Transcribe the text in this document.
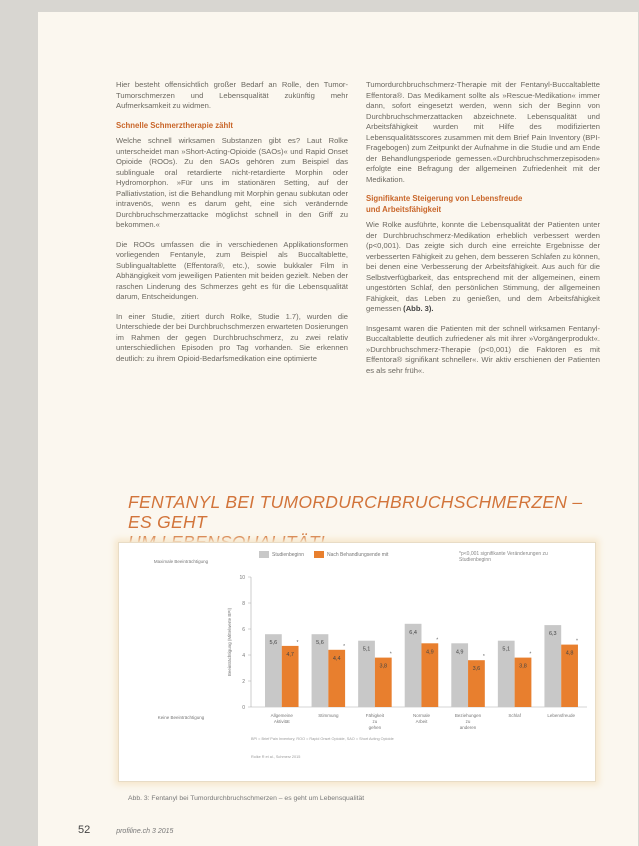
Hier besteht offensichtlich großer Bedarf an Rolle, den Tumor-Tumorschmerzen und Lebensqualität zukünftig mehr Aufmerksamkeit zu widmen.

Schnelle Schmerztherapie zählt

Welche schnell wirksamen Substanzen gibt es? Laut Rolke unterscheidet man »Short-Acting-Opioide (SAOs)« und Rapid Onset Opioide (ROOs). Zu den SAOs gehören zum Beispiel das sublinguale oral retardierte nicht-retardierte Morphin oder Hydromorphon. »Für uns im stationären Setting, auf der Palliativstation, ist die Behandlung mit Morphin genau subkutan oder intravenös, wenn es darum geht, eine sich verändernde Durchbruchschmerzattacke möglichst schnell in den Griff zu bekommen.«

Die ROOs umfassen die in verschiedenen Applikationsformen vorliegenden Fentanyle, zum Beispiel als Buccaltablette, Sublingualtablette (Effentora®, etc.), sowie bukkaler Film in Abhängigkeit vom jeweiligen Patienten mit beiden gezielt. Neben der raschen Linderung des Schmerzes geht es für die Lebensqualität darum, Entscheidungen.

In einer Studie, zitiert durch Rolke, Studie 1.7), wurden die Unterschiede der bei Durchbruchschmerzen erwarteten Dosierungen im Rahmen der gegen Durchbruchschmerz, zu zwei relativ unterschiedlichen Episoden pro Tag vorhanden. Sie erkennen deutlich: zu ihrem Opioid-Bedarfsmedikation eine optimierte

Tumordurchbruchschmerz-Therapie mit der Fentanyl-Buccaltablette Effentora®. Das Medikament sollte als »Rescue-Medikation« immer dann, sofort eingesetzt werden, wenn sich der Beginn von Durchbruchschmerzattacken abzeichnete. Lebensqualität und Arbeitsfähigkeit wurden mit Hilfe des modifizierten Lebensqualitätsscores zusammen mit dem Brief Pain Inventory (BPI-Fragebogen) zum Zeitpunkt der Aufnahme in die Studie und am Ende der Behandlungsperiode gemessen.«Durchbruchschmerzepisoden» erfolgte eine Befragung der allgemeinen Zufriedenheit mit der Medikation.

Signifikante Steigerung von Lebensfreude
und Arbeitsfähigkeit

Wie Rolke ausführte, konnte die Lebensqualität der Patienten unter der Durchbruchschmerz-Medikation erheblich verbessert werden (p<0,001). Das zeigte sich durch eine erreichte Ergebnisse der verbesserten Fähigkeit zu gehen, dem besseren Schlafen zu können, bei denen eine Verbesserung der Arbeitsfähigkeit. Aus auch für die Selbstverfügbarkeit, das entsprechend mit der allgemeinen, einem ungestörten Schlaf, den persönlichen Stimmung, der allgemeinen Fähigkeit, das Leben zu genießen, und dem Arbeitsfähigkeit gemessen (Abb. 3).

Insgesamt waren die Patienten mit der schnell wirksamen Fentanyl-Buccaltablette deutlich zufriedener als mit ihrer »Vorgängerprodukt«. »Durchbruchschmerz-Therapie (p<0,001) die Faktoren es mit Effentora® signifikant schneller«. Wir aktiv erschienen der Patienten es als sehr früh«.

FENTANYL BEI TUMORDURCHBRUCHSCHMERZEN – ES GEHT
Studienbeginn	Nach Behandlungsende mit	*p<0,001 signifikante Veränderungen zu Studienbeginn
0
2
4
6
8
10
Maximale Beeinträchtigung
Keine Beeinträchtigung
Beeinträchtigung (Mittelwerte BPI)	5,6
4,7
*
Allgemeine
Aktivität
5,6
4,4
*
Stimmung
5,1
3,8
*
Fähigkeit
zu
gehen
6,4
4,9
*
Normale
Arbeit
4,9
3,6
*
Beziehungen
zu
anderen
5,1
3,8
*
Schlaf
6,3
4,8
*
Lebensfreude
BPI = Brief Pain Inventory, ROO = Rapid Onset Opioide, SAO = Short Acting Opioide
Rolke R et al., Schmerz 2015
Abb. 3: Fentanyl bei Tumordurchbruchschmerzen – es geht um Lebensqualität
52	profiline.ch 3 2015
